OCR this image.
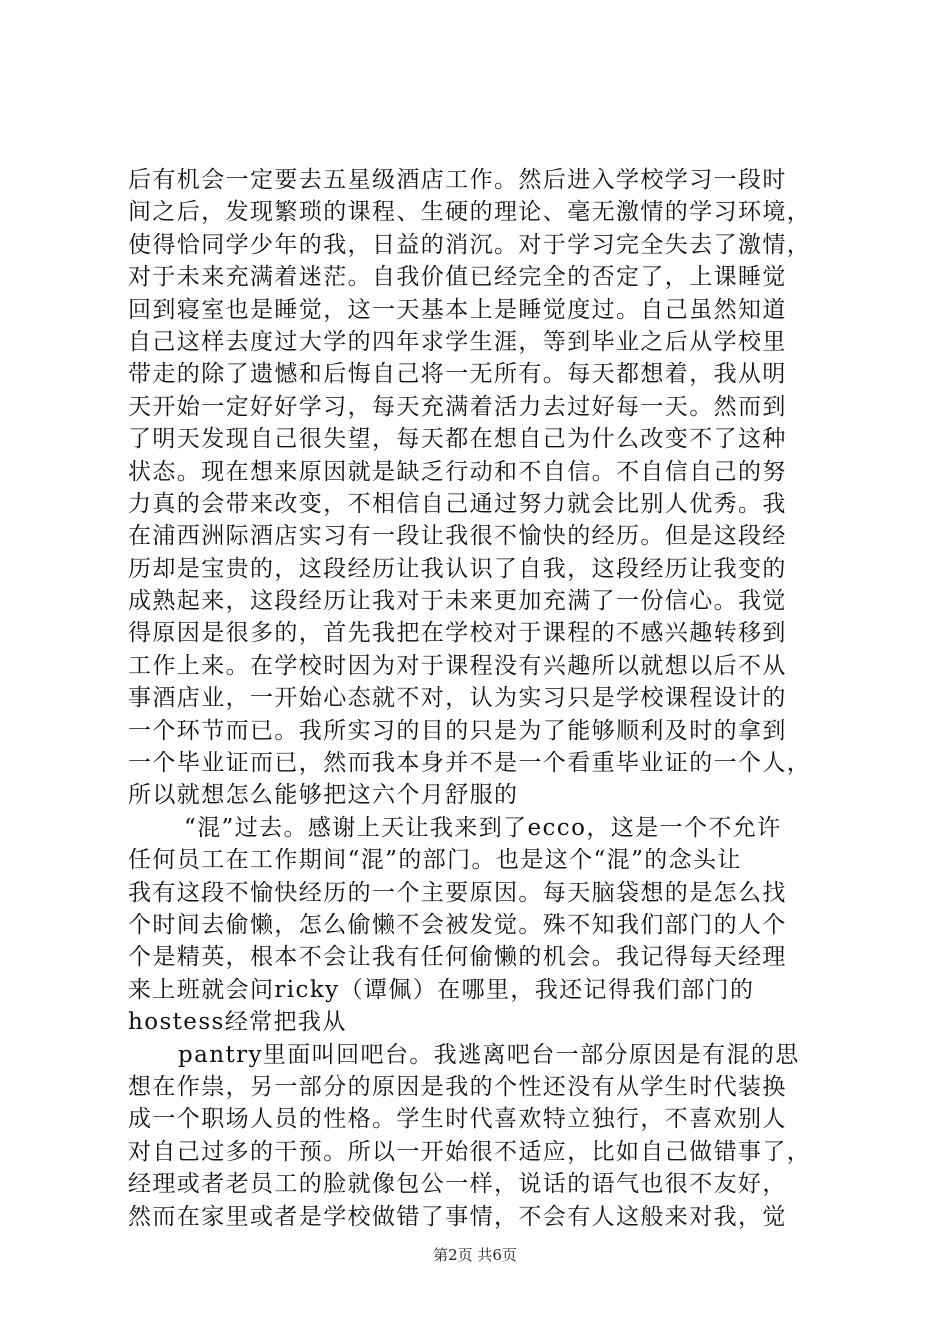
后有机会一定要去五星级酒店工作。然后进入学校学习一段时
间之后，发现繁琐的课程、生硬的理论、毫无激情的学习环境，
使得恰同学少年的我，日益的消沉。对于学习完全失去了激情，
对于未来充满着迷茫。自我价值已经完全的否定了，上课睡觉
回到寝室也是睡觉，这一天基本上是睡觉度过。自己虽然知道
自己这样去度过大学的四年求学生涯，等到毕业之后从学校里
带走的除了遗憾和后悔自己将一无所有。每天都想着，我从明
天开始一定好好学习，每天充满着活力去过好每一天。然而到
了明天发现自己很失望，每天都在想自己为什么改变不了这种
状态。现在想来原因就是缺乏行动和不自信。不自信自己的努
力真的会带来改变，不相信自己通过努力就会比别人优秀。我
在浦西洲际酒店实习有一段让我很不愉快的经历。但是这段经
历却是宝贵的，这段经历让我认识了自我，这段经历让我变的
成熟起来，这段经历让我对于未来更加充满了一份信心。我觉
得原因是很多的，首先我把在学校对于课程的不感兴趣转移到
工作上来。在学校时因为对于课程没有兴趣所以就想以后不从
事酒店业，一开始心态就不对，认为实习只是学校课程设计的
一个环节而已。我所实习的目的只是为了能够顺利及时的拿到
一个毕业证而已，然而我本身并不是一个看重毕业证的一个人，
所以就想怎么能够把这六个月舒服的
“混”过去。感谢上天让我来到了ecco，这是一个不允许
任何员工在工作期间“混”的部门。也是这个“混”的念头让
我有这段不愉快经历的一个主要原因。每天脑袋想的是怎么找
个时间去偷懒，怎么偷懒不会被发觉。殊不知我们部门的人个
个是精英，根本不会让我有任何偷懒的机会。我记得每天经理
来上班就会问ricky（谭佩）在哪里，我还记得我们部门的
hostess经常把我从
pantry里面叫回吧台。我逃离吧台一部分原因是有混的思
想在作祟，另一部分的原因是我的个性还没有从学生时代装换
成一个职场人员的性格。学生时代喜欢特立独行，不喜欢别人
对自己过多的干预。所以一开始很不适应，比如自己做错事了，
经理或者老员工的脸就像包公一样，说话的语气也很不友好，
然而在家里或者是学校做错了事情，不会有人这般来对我，觉
第2页 共6页
